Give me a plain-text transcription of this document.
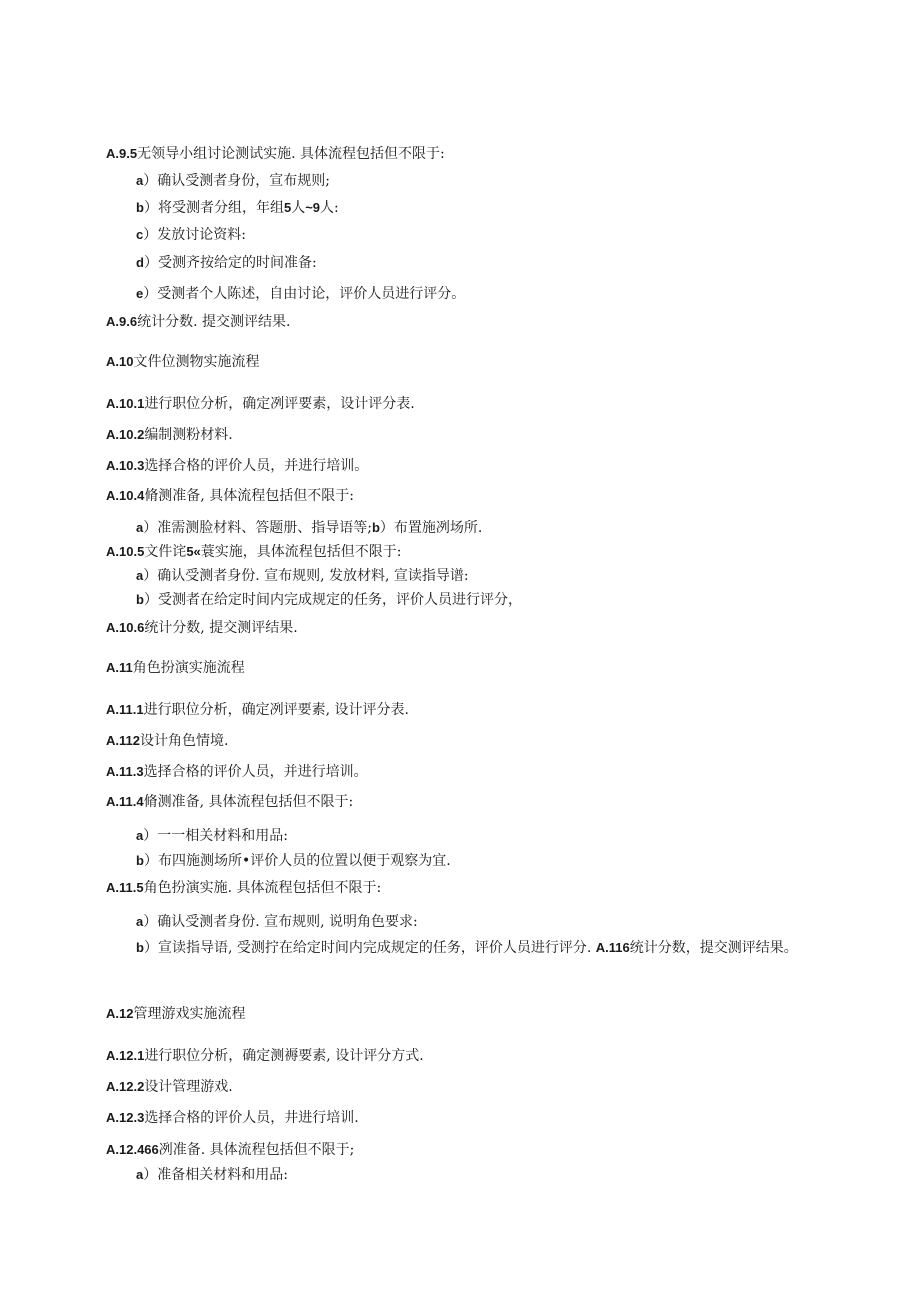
A.9.5无领导小组讨论测试实施. 具体流程包括但不限于:
a）确认受测者身份，宣布规则;
b）将受测者分组，年组5人~9人:
c）发放讨论资料:
d）受测齐按给定的时间准备:
e）受测者个人陈述，自由讨论，评价人员进行评分。
A.9.6统计分数. 提交测评结果.
A.10文件位测物实施流程
A.10.1进行职位分析，确定冽评要素，设计评分表.
A.10.2编制测粉材料.
A.10.3选择合格的评价人员，并进行培训。
A.10.4脩测准备, 具体流程包括但不限于:
a）准需测脸材料、答题册、指导语等;b）布置施冽场所.
A.10.5文件诧5«蓑实施，具体流程包括但不限于:
a）确认受测者身份. 宣布规则, 发放材料, 宣读指导谱:
b）受测者在给定时间内完成规定的任务，评价人员进行评分，
A.10.6统计分数, 提交测评结果.
A.11角色扮演实施流程
A.11.1进行职位分析，确定冽评要素, 设计评分表.
A.112设计角色情境.
A.11.3选择合格的评价人员，并进行培训。
A.11.4脩测准备, 具体流程包括但不限于:
a）一一相关材料和用品:
b）布四施测场所•评价人员的位置以便于观察为宜.
A.11.5角色扮演实施. 具体流程包括但不限于:
a）确认受测者身份. 宣布规则, 说明角色要求:
b）宣读指导语, 受测拧在给定时间内完成规定的任务，评价人员进行评分. A.116统计分数，提交测评结果。
A.12管理游戏实施流程
A.12.1进行职位分析，确定测褥要素, 设计评分方式.
A.12.2设计管理游戏.
A.12.3选择合格的评价人员，井进行培训.
A.12.466冽准备. 具体流程包括但不限于;
a）准备相关材料和用品:
